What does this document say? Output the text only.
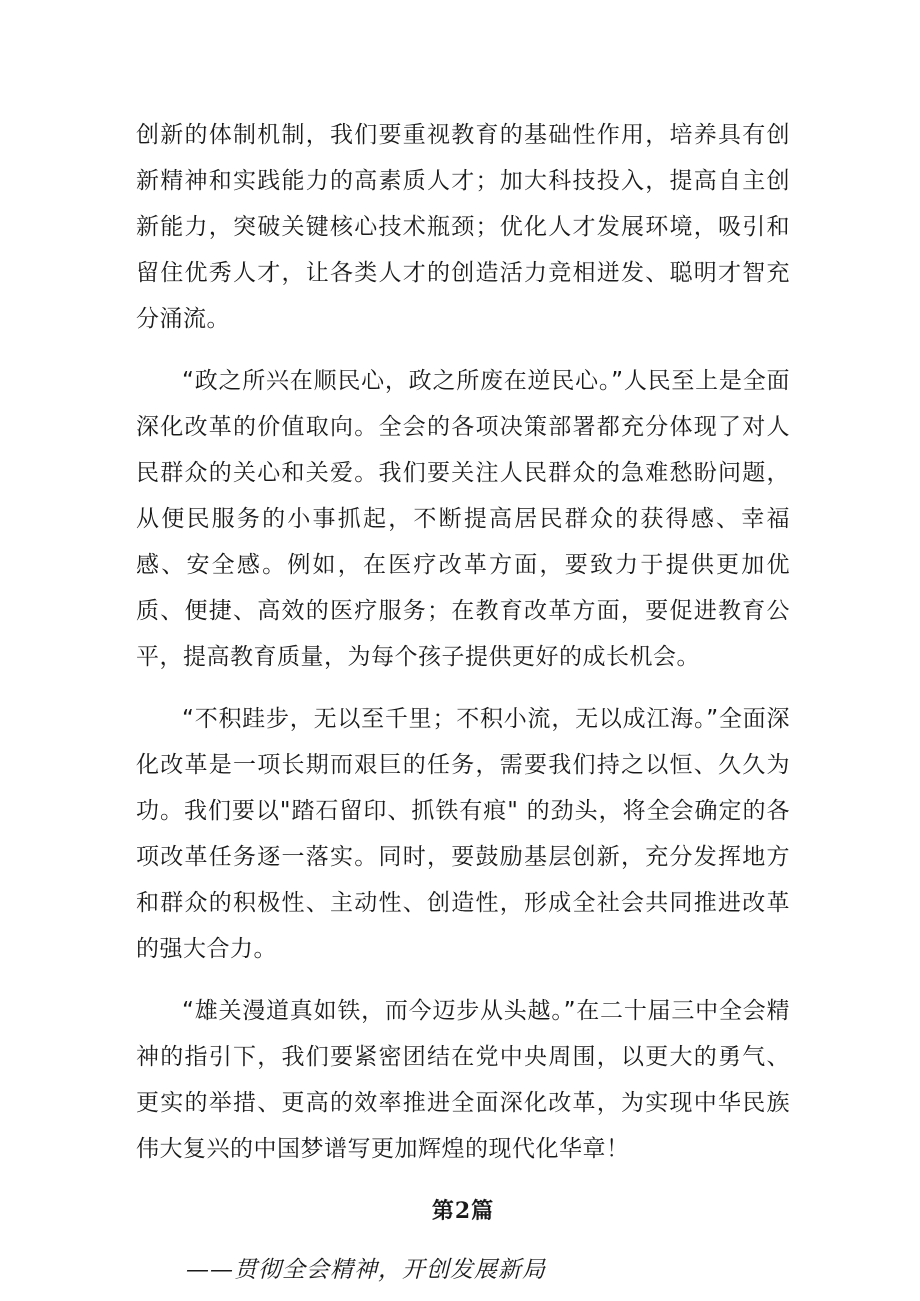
创新的体制机制，我们要重视教育的基础性作用，培养具有创新精神和实践能力的高素质人才；加大科技投入，提高自主创新能力，突破关键核心技术瓶颈；优化人才发展环境，吸引和留住优秀人才，让各类人才的创造活力竞相迸发、聪明才智充分涌流。

“政之所兴在顺民心，政之所废在逆民心。”人民至上是全面深化改革的价值取向。全会的各项决策部署都充分体现了对人民群众的关心和关爱。我们要关注人民群众的急难愁盼问题，从便民服务的小事抓起，不断提高居民群众的获得感、幸福感、安全感。例如，在医疗改革方面，要致力于提供更加优质、便捷、高效的医疗服务；在教育改革方面，要促进教育公平，提高教育质量，为每个孩子提供更好的成长机会。

“不积跬步，无以至千里；不积小流，无以成江海。”全面深化改革是一项长期而艰巨的任务，需要我们持之以恒、久久为功。我们要以"踏石留印、抓铁有痕" 的劲头，将全会确定的各项改革任务逐一落实。同时，要鼓励基层创新，充分发挥地方和群众的积极性、主动性、创造性，形成全社会共同推进改革的强大合力。

“雄关漫道真如铁，而今迈步从头越。”在二十届三中全会精神的指引下，我们要紧密团结在党中央周围，以更大的勇气、更实的举措、更高的效率推进全面深化改革，为实现中华民族伟大复兴的中国梦谱写更加辉煌的现代化华章！

第2篇
——贯彻全会精神，开创发展新局
